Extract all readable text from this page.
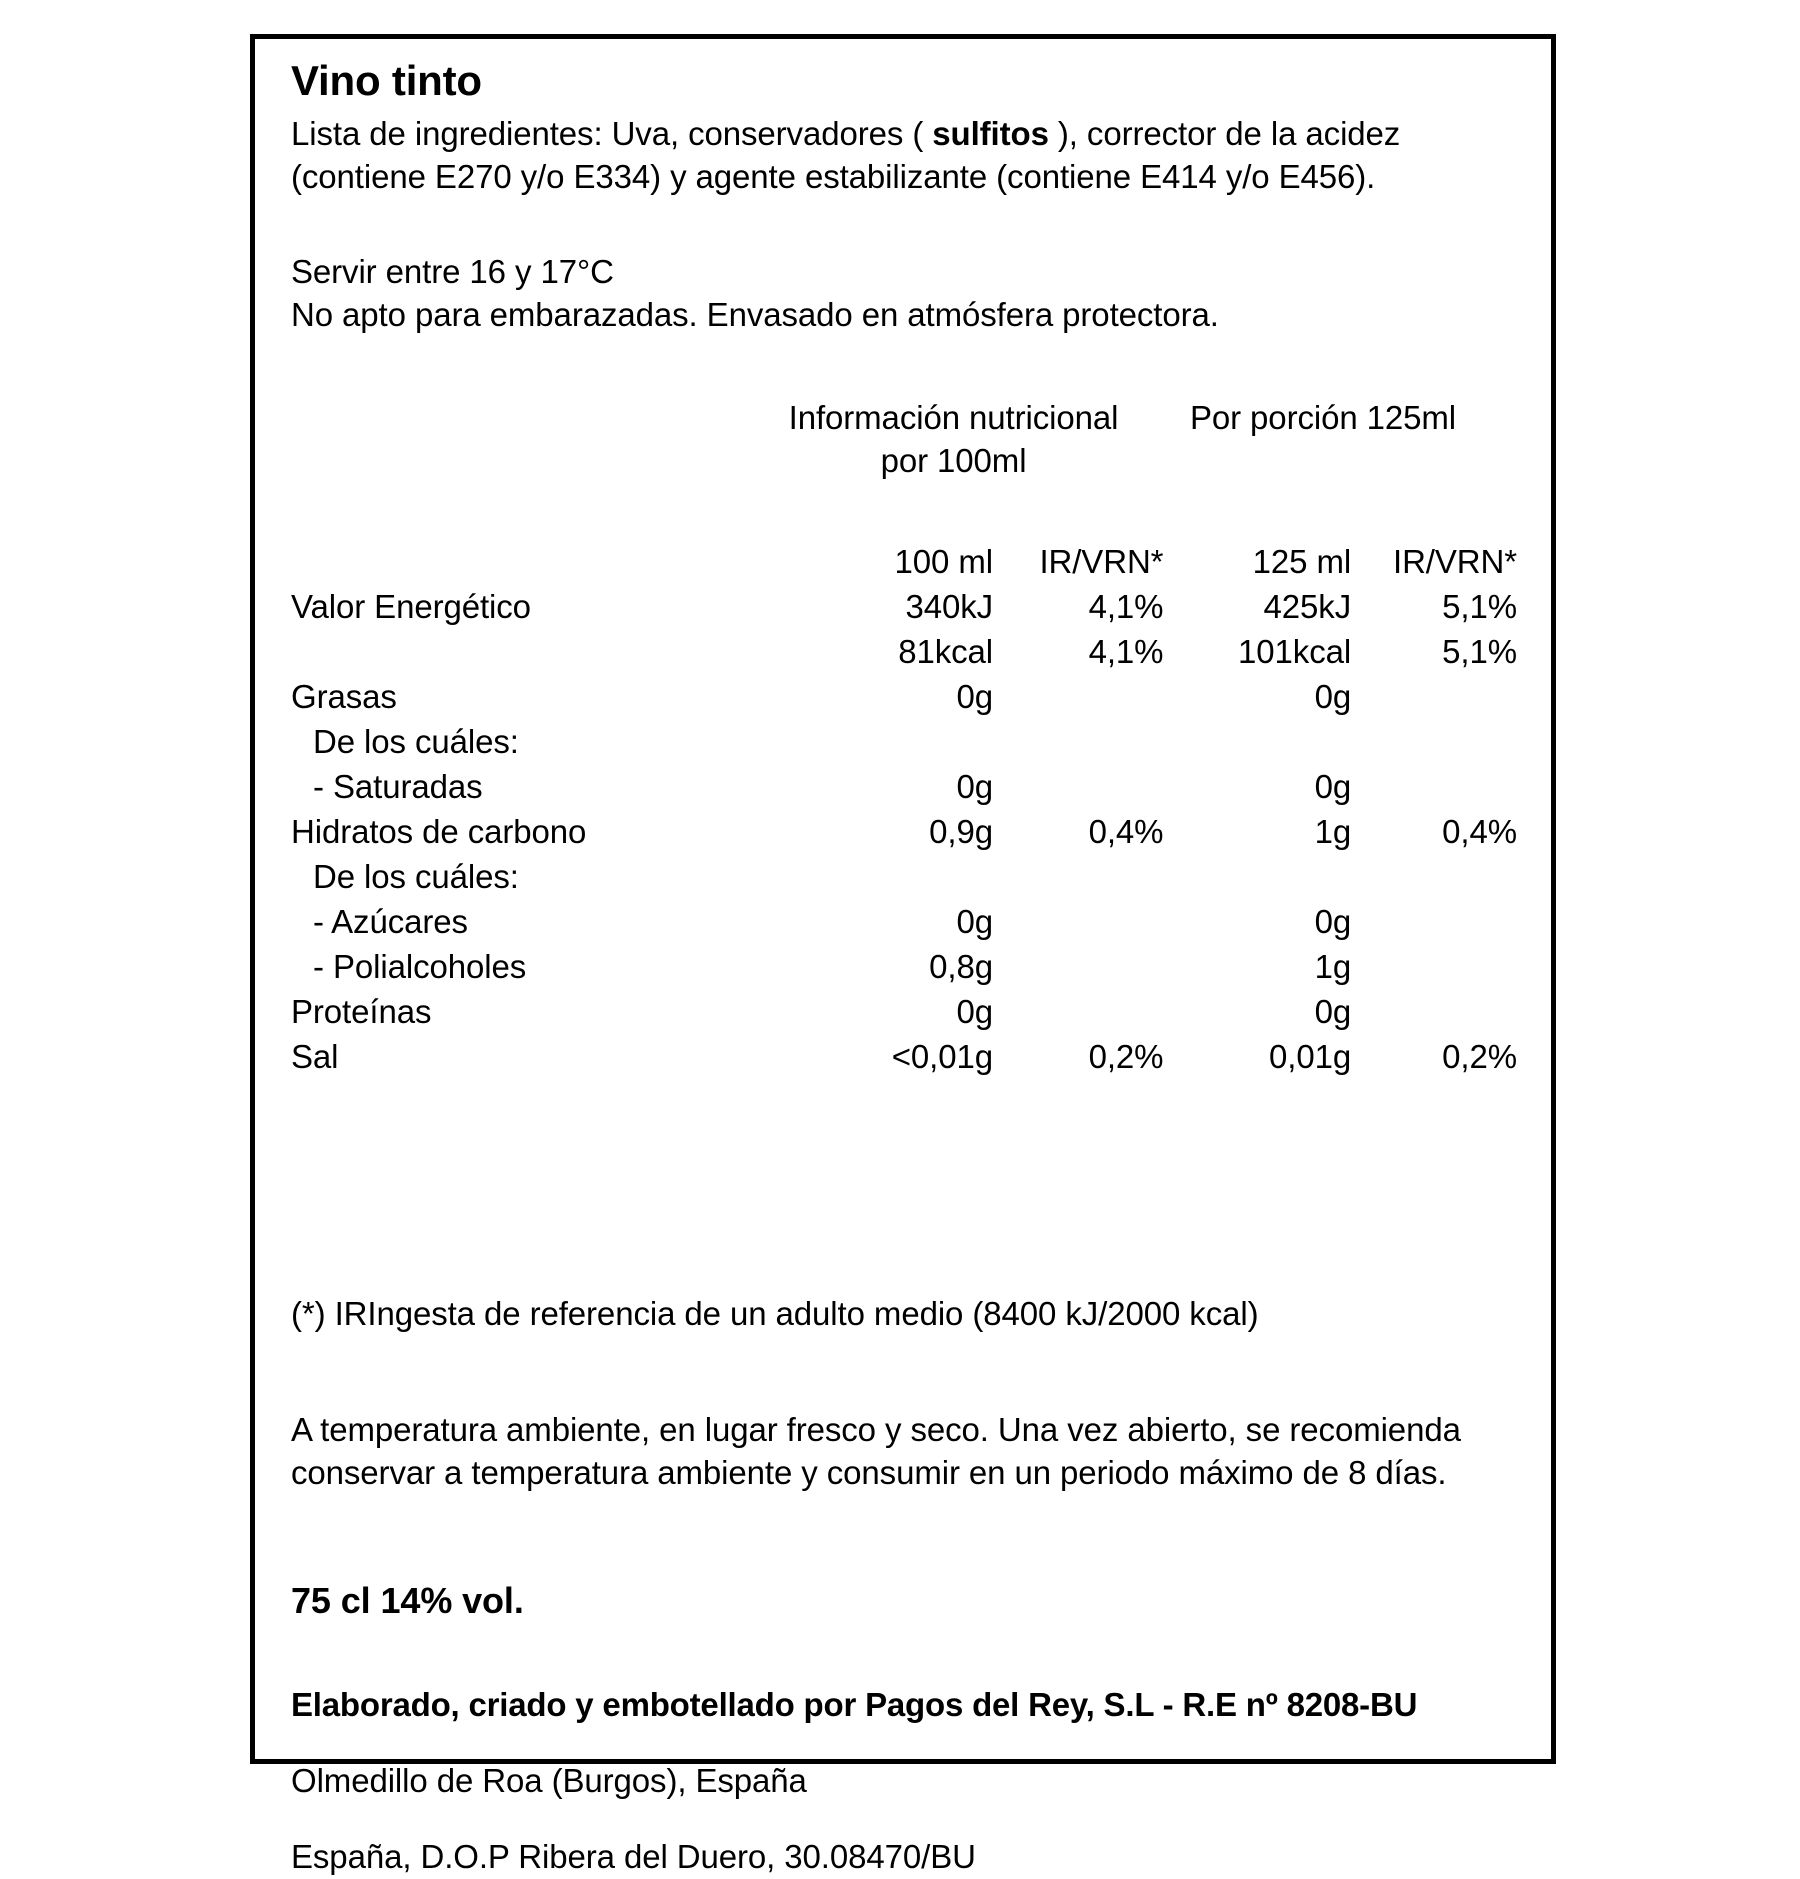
Vino tinto

Lista de ingredientes: Uva, conservadores ( sulfitos ), corrector de la acidez (contiene E270 y/o E334) y agente estabilizante (contiene E414 y/o E456).

Servir entre 16 y 17°C

No apto para embarazadas. Envasado en atmósfera protectora.

Información nutricional
por 100ml
Por porción 125ml
	100 ml	IR/VRN*	125 ml	IR/VRN*
Valor Energético	340kJ	4,1%	425kJ	5,1%
	81kcal	4,1%	101kcal	5,1%
Grasas	0g		0g	
De los cuáles:				
- Saturadas	0g		0g	
Hidratos de carbono	0,9g	0,4%	1g	0,4%
De los cuáles:				
- Azúcares	0g		0g	
- Polialcoholes	0,8g		1g	
Proteínas	0g		0g	
Sal	<0,01g	0,2%	0,01g	0,2%

(*) IRIngesta de referencia de un adulto medio (8400 kJ/2000 kcal)

A temperatura ambiente, en lugar fresco y seco. Una vez abierto, se recomienda conservar a temperatura ambiente y consumir en un periodo máximo de 8 días.

75 cl 14% vol.

Elaborado, criado y embotellado por Pagos del Rey, S.L - R.E nº 8208-BU

Olmedillo de Roa (Burgos), España

España, D.O.P Ribera del Duero, 30.08470/BU
